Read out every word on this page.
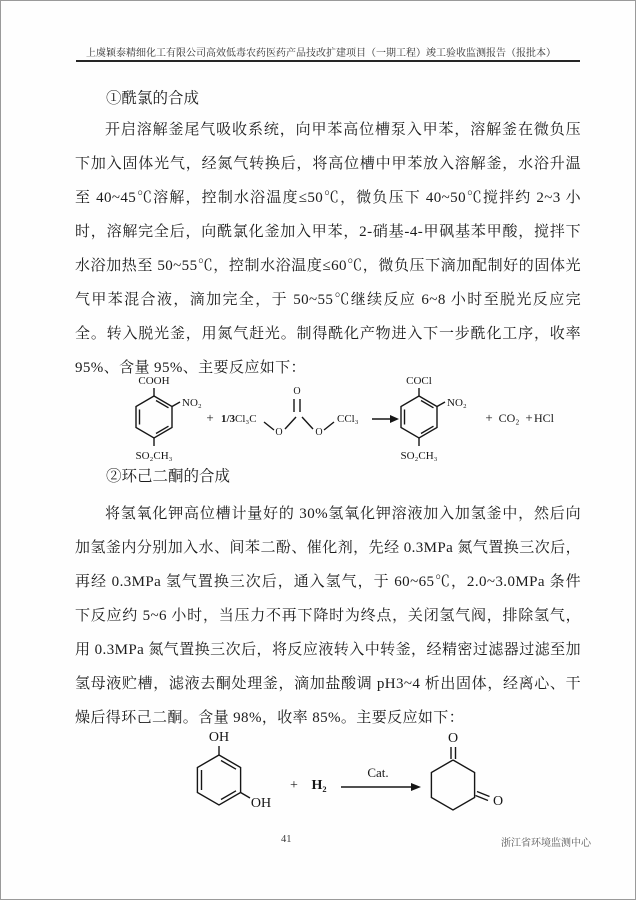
上虞颖泰精细化工有限公司高效低毒农药医药产品技改扩建项目（一期工程）竣工验收监测报告（报批本）
①酰氯的合成
开启溶解釜尾气吸收系统，向甲苯高位槽泵入甲苯，溶解釜在微负压下加入固体光气，经氮气转换后，将高位槽中甲苯放入溶解釜，水浴升温至 40~45℃溶解，控制水浴温度≤50℃，微负压下 40~50℃搅拌约 2~3 小时，溶解完全后，向酰氯化釜加入甲苯，2-硝基-4-甲砜基苯甲酸，搅拌下水浴加热至 50~55℃，控制水浴温度≤60℃，微负压下滴加配制好的固体光气甲苯混合液，滴加完全，于 50~55℃继续反应 6~8 小时至脱光反应完全。转入脱光釜，用氮气赶光。制得酰化产物进入下一步酰化工序，收率 95%、含量 95%、主要反应如下：
COOH
NO₂
SO₂CH₃
+ 1/3 Cl₃C
O
O
O
CCl₃
COCl
NO₂
SO₂CH₃
+ CO₂ + HCl
②环己二酮的合成
将氢氧化钾高位槽计量好的 30%氢氧化钾溶液加入加氢釜中，然后向加氢釜内分别加入水、间苯二酚、催化剂，先经 0.3MPa 氮气置换三次后，再经 0.3MPa 氢气置换三次后，通入氢气，于 60~65℃，2.0~3.0MPa 条件下反应约 5~6 小时，当压力不再下降时为终点，关闭氢气阀，排除氢气，用 0.3MPa 氮气置换三次后，将反应液转入中转釜，经精密过滤器过滤至加氢母液贮槽，滤液去酮处理釜，滴加盐酸调 pH3~4 析出固体，经离心、干燥后得环己二酮。含量 98%，收率 85%。主要反应如下：
OH
OH
+ H₂
Cat.
O
O
41	浙江省环境监测中心
